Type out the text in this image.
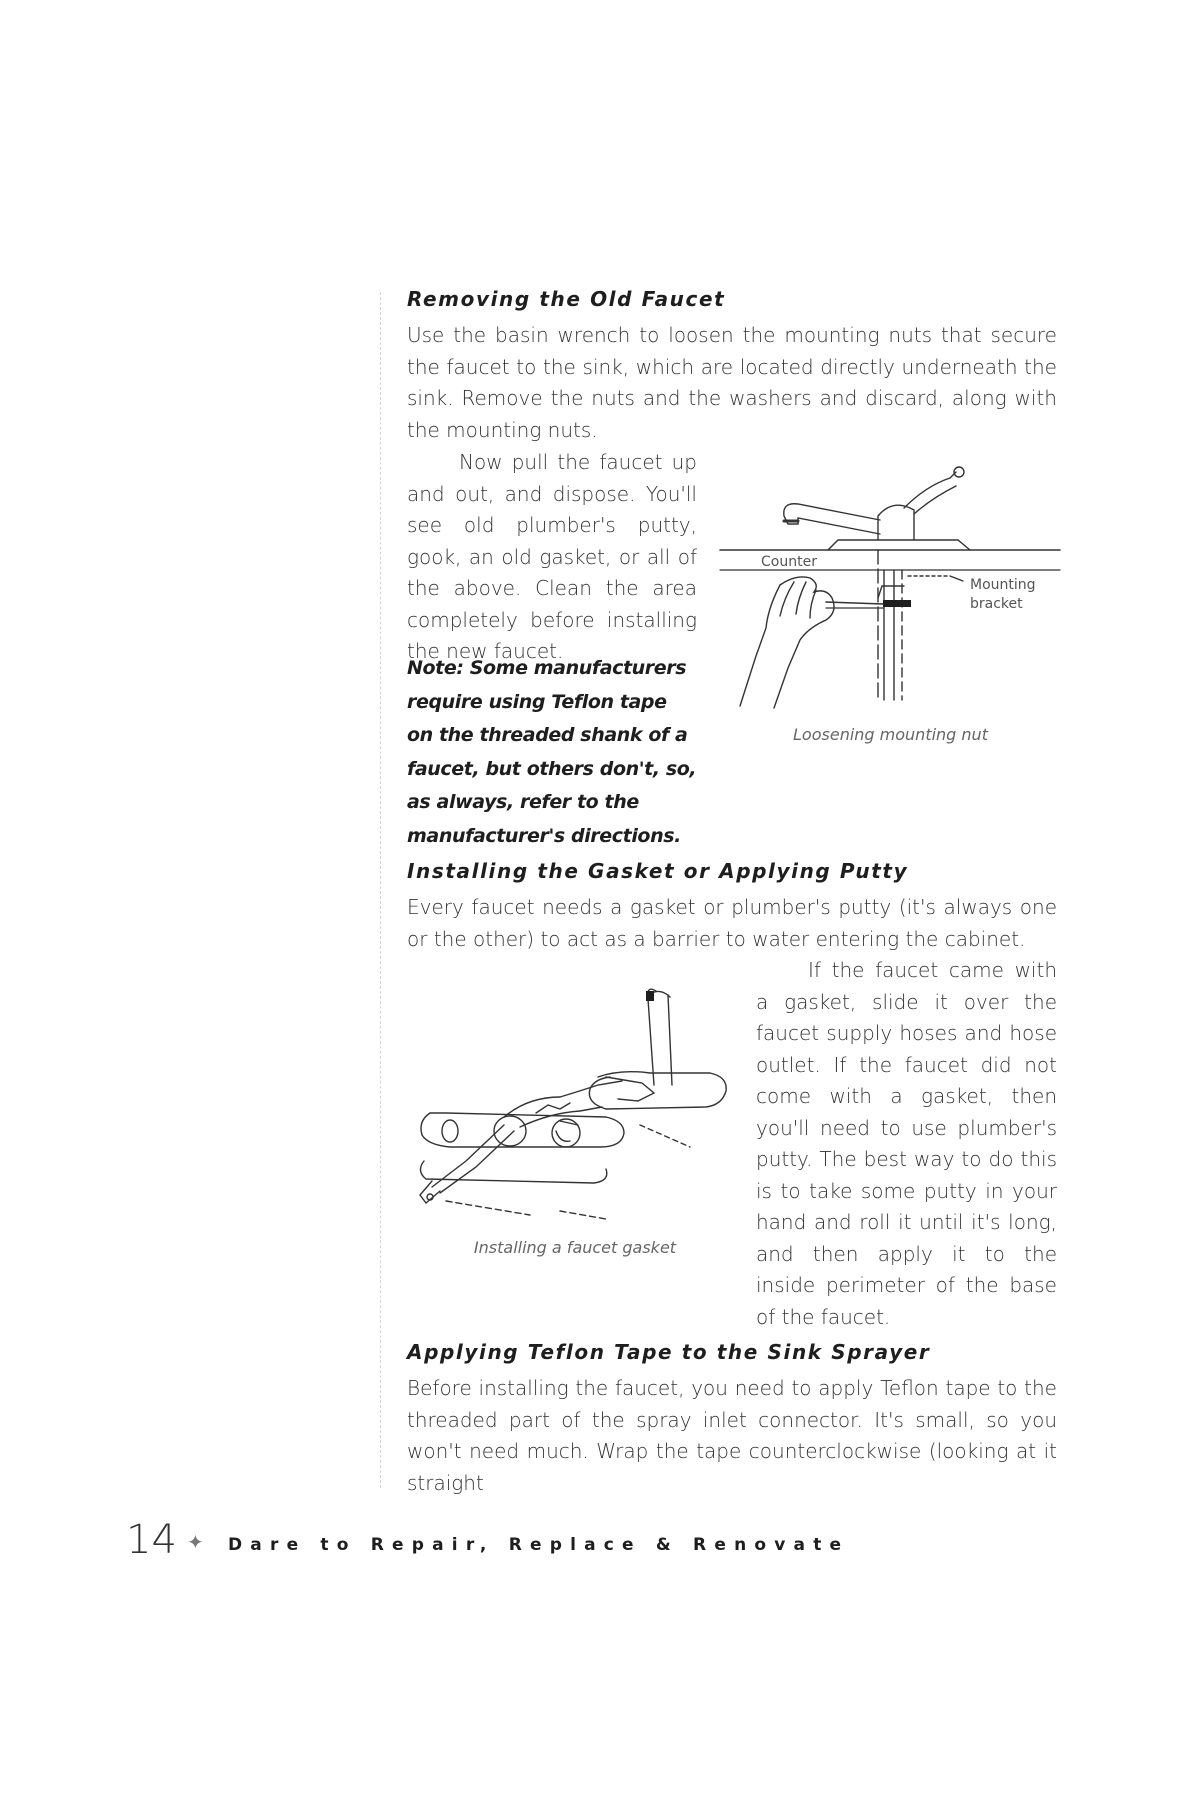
Removing the Old Faucet

Use the basin wrench to loosen the mounting nuts that secure the faucet to the sink, which are located directly underneath the sink. Remove the nuts and the washers and discard, along with the mounting nuts.

Now pull the faucet up and out, and dispose. You'll see old plumber's putty, gook, an old gasket, or all of the above. Clean the area completely before installing the new faucet.

Note: Some manufacturers require using Teflon tape on the threaded shank of a faucet, but others don't, so, as always, refer to the manufacturer's directions.

Counter
Mounting
bracket

Loosening mounting nut

Installing the Gasket or Applying Putty

Every faucet needs a gasket or plumber's putty (it's always one or the other) to act as a barrier to water entering the cabinet.

If the faucet came with a gasket, slide it over the faucet supply hoses and hose outlet. If the faucet did not come with a gasket, then you'll need to use plumber's putty. The best way to do this is to take some putty in your hand and roll it until it's long, and then apply it to the inside perimeter of the base of the faucet.

Installing a faucet gasket

Applying Teflon Tape to the Sink Sprayer

Before installing the faucet, you need to apply Teflon tape to the threaded part of the spray inlet connector. It's small, so you won't need much. Wrap the tape counterclockwise (looking at it straight

14 ✦ Dare to Repair, Replace & Renovate
